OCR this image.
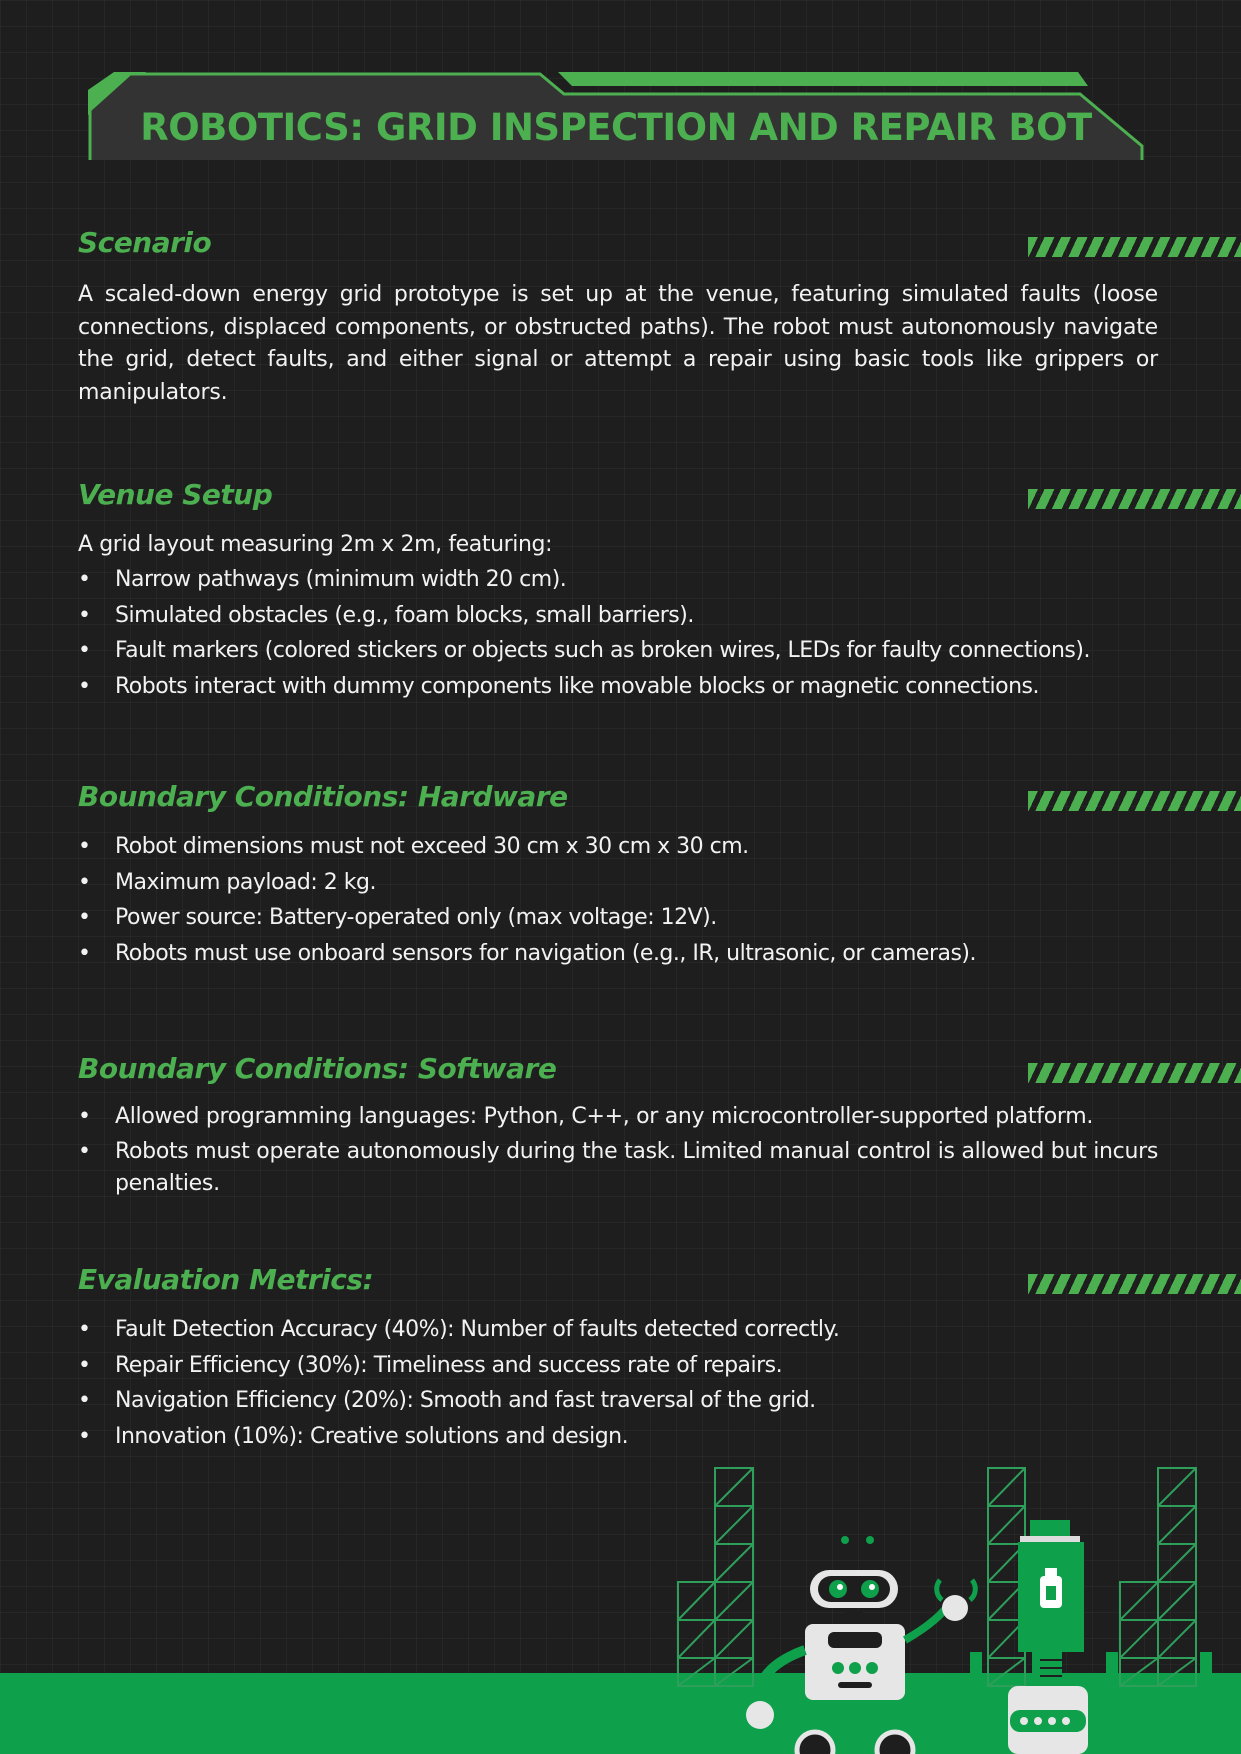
ROBOTICS: GRID INSPECTION AND REPAIR BOT
Scenario

A scaled-down energy grid prototype is set up at the venue, featuring simulated faults (loose connections, displaced components, or obstructed paths). The robot must autonomously navigate the grid, detect faults, and either signal or attempt a repair using basic tools like grippers or manipulators.

Venue Setup

A grid layout measuring 2m x 2m, featuring:

• Narrow pathways (minimum width 20 cm).
• Simulated obstacles (e.g., foam blocks, small barriers).
• Fault markers (colored stickers or objects such as broken wires, LEDs for faulty connections).
• Robots interact with dummy components like movable blocks or magnetic connections.
Boundary Conditions: Hardware
• Robot dimensions must not exceed 30 cm x 30 cm x 30 cm.
• Maximum payload: 2 kg.
• Power source: Battery-operated only (max voltage: 12V).
• Robots must use onboard sensors for navigation (e.g., IR, ultrasonic, or cameras).
Boundary Conditions: Software
• Allowed programming languages: Python, C++, or any microcontroller-supported platform.
• Robots must operate autonomously during the task. Limited manual control is allowed but incurs penalties.
Evaluation Metrics:
• Fault Detection Accuracy (40%): Number of faults detected correctly.
• Repair Efficiency (30%): Timeliness and success rate of repairs.
• Navigation Efficiency (20%): Smooth and fast traversal of the grid.
• Innovation (10%): Creative solutions and design.
